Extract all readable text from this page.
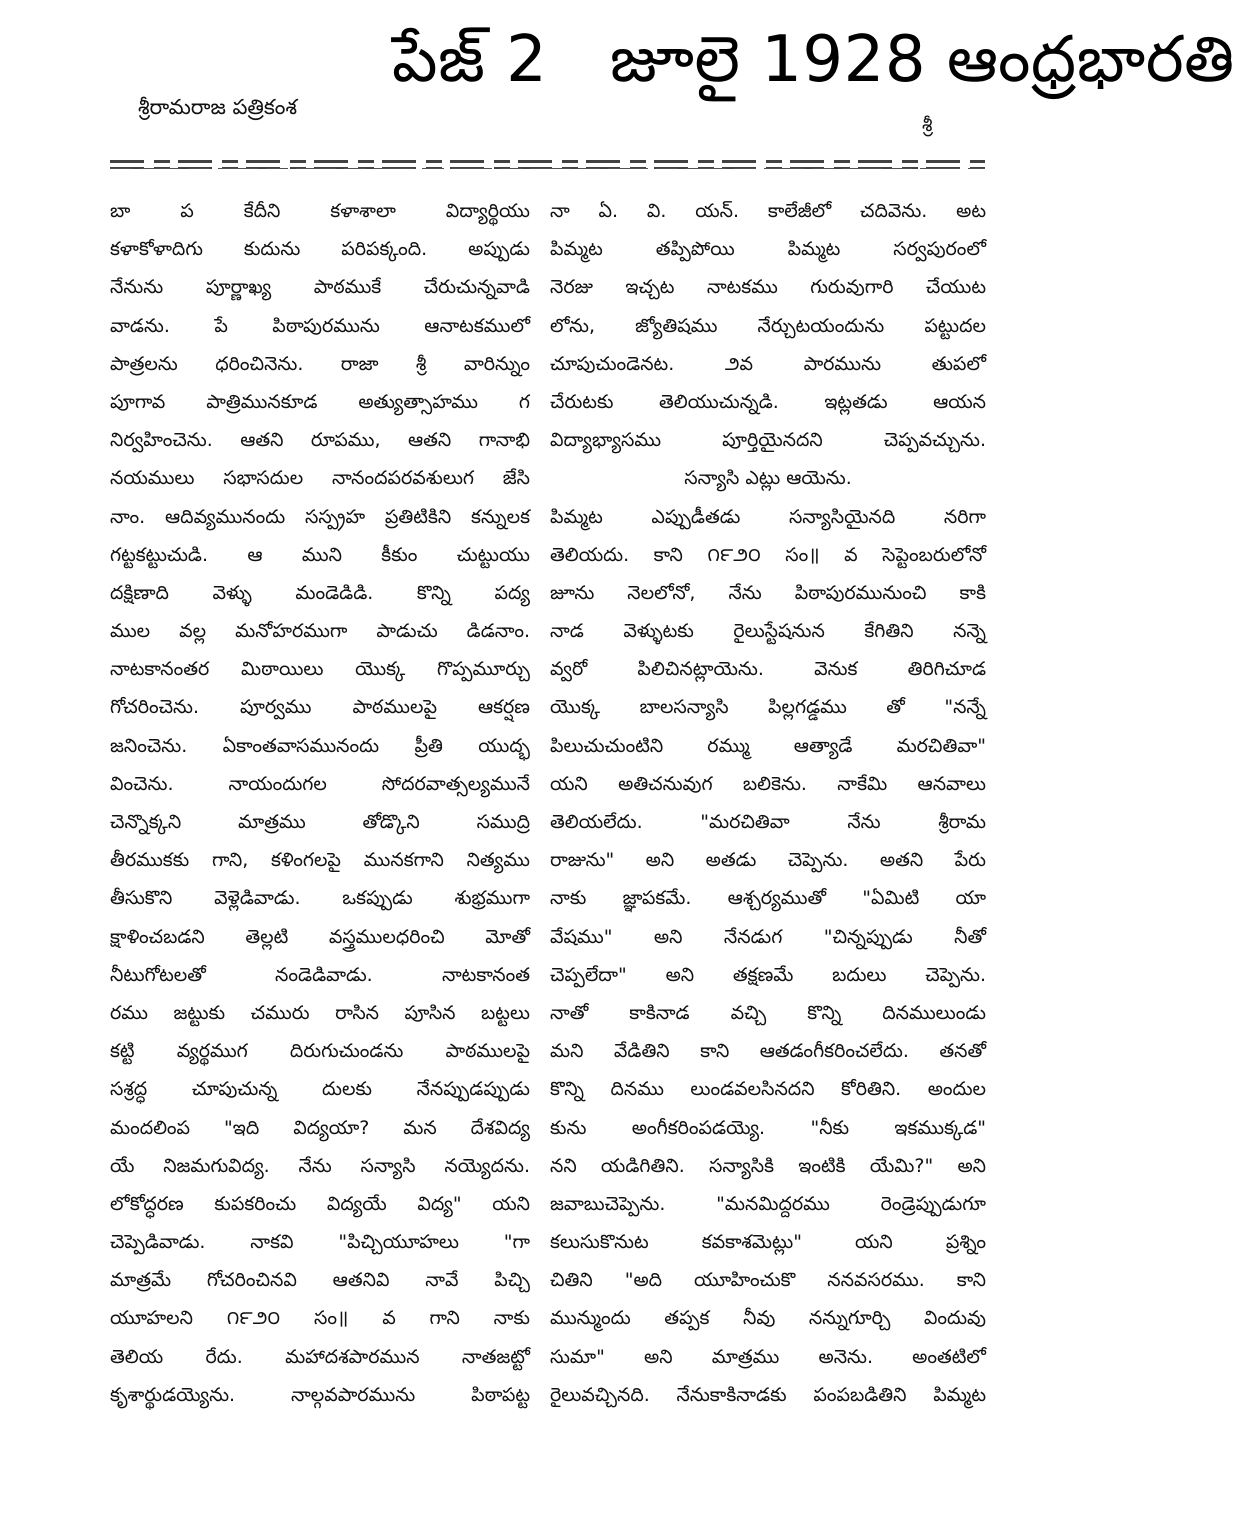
పేజ్ 2   జూలై 1928 ఆంధ్రభారతి
శ్రీరామరాజ పత్రికంశ
శ్రీ
బా ప కేదీని కళాశాలా విద్యార్థియు
కళాకోళాదిగు కుదును పరిపక్కంది. అప్పుడు
నేనును పూర్ణాఖ్య పాఠముకే చేరుచున్నవాడి
వాడను. పే పిఠాపురమును ఆనాటకములో
పాత్రలను ధరించినెను. రాజా శ్రీ వారిన్నుం
పూగావ పాత్రిమునకూడ అత్యుత్సాహము గ
నిర్వహించెను. ఆతని రూపము, ఆతని గానాభి
నయములు సభాసదుల నానందపరవశులుగ జేసి
నాం. ఆదివ్యమునందు సస్ప్రహ ప్రతిటికిని కన్నులక
గట్టకట్టుచుడి. ఆ ముని కీకుం చుట్టుయు
దక్షిణాది వెళ్ళు మండెడిడి. కొన్ని పద్య
ముల వల్ల మనోహరముగా పాడుచు డిడనాం.
నాటకానంతర మిఠాయిలు యొక్క గొప్పమూర్చు
గోచరించెను. పూర్వము పాఠములపై ఆకర్షణ
జనించెను. ఏకాంతవాసమునందు ప్రీతి యుద్భ
వించెను. నాయందుగల సోదరవాత్సల్యమునే
చెన్నొక్కని మాత్రము తోడ్కొని సముద్రి
తీరముకకు గాని, కళింగలపై మునకగాని నిత్యము
తీసుకొని వెళ్లెడివాడు. ఒకప్పుడు శుభ్రముగా
క్షాళించబడని తెల్లటి వస్త్రములధరించి మోతో
నీటుగోటలతో నండెడివాడు. నాటకానంత
రము జట్టుకు చమురు రాసిన పూసిన బట్టలు
కట్టి వ్యర్థముగ దిరుగుచుండను పాఠములపై
సశ్రద్ధ చూపుచున్న దులకు నేనప్పుడప్పుడు
మందలింప "ఇది విద్యయా? మన దేశవిద్య
యే నిజమగువిద్య. నేను సన్యాసి నయ్యెదను.
లోకోద్ధరణ కుపకరించు విద్యయే విద్య" యని
చెప్పెడివాడు. నాకవి "పిచ్చియూహలు "గా
మాత్రమే గోచరించినవి ఆతనివి నావే పిచ్చి
యూహలని ౧౯౨౦ సం॥ వ గాని నాకు
తెలియ రేదు. మహాదశపారమున నాతజట్టో
కృశార్థుడయ్యెను. నాల్గవపారమును పిఠాపట్ట
నా ఏ. వి. యన్. కాలేజీలో చదివెను. అట
పిమ్మట తప్పిపోయి పిమ్మట సర్వపురంలో
నెరజు ఇచ్చట నాటకము గురువుగారి చేయుట
లోను, జ్యోతిషము నేర్చుటయందును పట్టుదల
చూపుచుండెనట. ౨వ పారమును తుపలో
చేరుటకు తెలియుచున్నడి. ఇట్లతడు ఆయన
విద్యాభ్యాసము పూర్తియైనదని చెప్పవచ్చును.
సన్యాసి ఎట్లు ఆయెను.
పిమ్మట ఎప్పుడీతడు సన్యాసియైనది నరిగా
తెలియదు. కాని ౧౯౨౦ సం॥ వ సెప్టెంబరులోనో
జూను నెలలోనో, నేను పిఠాపురమునుంచి కాకి
నాడ వెళ్ళుటకు రైలుస్టేషనున కేగితిని నన్నె
వ్వరో పిలిచినట్లాయెను. వెనుక తిరిగిచూడ
యొక్క బాలసన్యాసి పిల్లగడ్డము తో "నన్నే
పిలుచుచుంటిని రమ్ము ఆత్యాడే మరచితివా"
యని అతిచనువుగ బలికెను. నాకేమి ఆనవాలు
తెలియలేదు. "మరచితివా నేను శ్రీరామ
రాజును" అని అతడు చెప్పెను. అతని పేరు
నాకు జ్ఞాపకమే. ఆశ్చర్యముతో "ఏమిటి యా
వేషము" అని నేనడుగ "చిన్నప్పుడు నీతో
చెప్పలేదా" అని తక్షణమే బదులు చెప్పెను.
నాతో కాకినాడ వచ్చి కొన్ని దినములుండు
మని వేడితిని కాని ఆతడంగీకరించలేదు. తనతో
కొన్ని దినము లుండవలసినదని కోరితిని. అందుల
కును అంగీకరింపడయ్యె. "నీకు ఇకముక్కడ"
నని యడిగితిని. సన్యాసికి ఇంటికి యేమి?" అని
జవాబుచెప్పెను. "మనమిద్దరము రెండ్రెప్పుడుగూ
కలుసుకొనుట కవకాశమెట్లు" యని ప్రశ్నిం
చితిని "అది యూహించుకొ ననవసరము. కాని
మున్ముందు తప్పక నీవు నన్నుగూర్చి విందువు
సుమా" అని మాత్రము అనెను. అంతటిలో
రైలువచ్చినది. నేనుకాకినాడకు పంపబడితిని పిమ్మట
